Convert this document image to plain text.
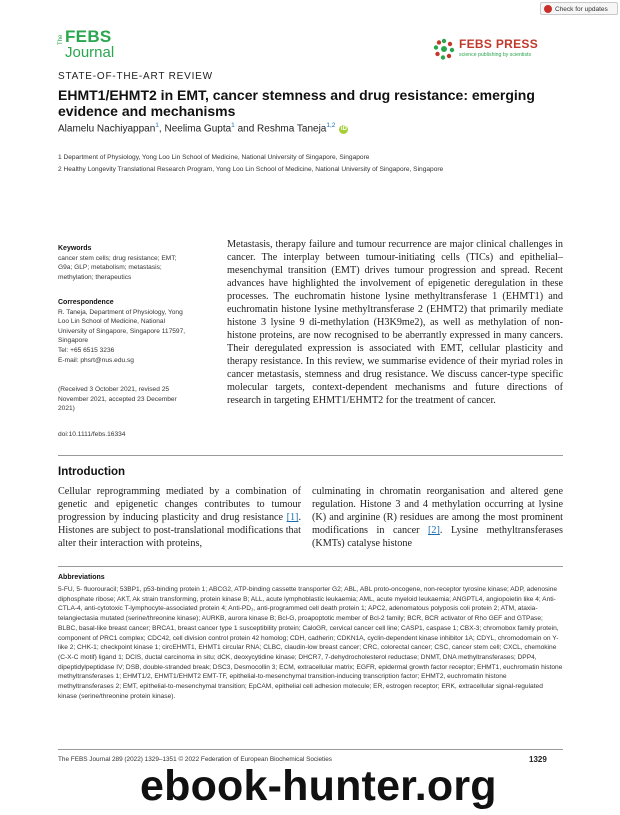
Check for updates
The FEBS
Journal	FEBS PRESS
science publishing by scientists
STATE-OF-THE-ART REVIEW
EHMT1/EHMT2 in EMT, cancer stemness and drug resistance: emerging evidence and mechanisms
Alamelu Nachiyappan$^1$, Neelima Gupta$^1$ and Reshma Taneja$^{1,2}$iD
1 Department of Physiology, Yong Loo Lin School of Medicine, National University of Singapore, Singapore
2 Healthy Longevity Translational Research Program, Yong Loo Lin School of Medicine, National University of Singapore, Singapore
Keywords
cancer stem cells; drug resistance; EMT;
G9a; GLP; metabolism; metastasis;
methylation; therapeutics
Correspondence
R. Taneja, Department of Physiology, Yong
Loo Lin School of Medicine, National
University of Singapore, Singapore 117597,
Singapore
Tel: +65 6515 3236
E-mail: phsrt@nus.edu.sg
(Received 3 October 2021, revised 25
November 2021, accepted 23 December
2021)
doi:10.1111/febs.16334
Metastasis, therapy failure and tumour recurrence are major clinical challenges in cancer. The interplay between tumour-initiating cells (TICs) and epithelial–mesenchymal transition (EMT) drives tumour progression and spread. Recent advances have highlighted the involvement of epigenetic deregulation in these processes. The euchromatin histone lysine methyltransferase 1 (EHMT1) and euchromatin histone lysine methyltransferase 2 (EHMT2) that primarily mediate histone 3 lysine 9 di-methylation (H3K9me2), as well as methylation of non-histone proteins, are now recognised to be aberrantly expressed in many cancers. Their deregulated expression is associated with EMT, cellular plasticity and therapy resistance. In this review, we summarise evidence of their myriad roles in cancer metastasis, stemness and drug resistance. We discuss cancer-type specific molecular targets, context-dependent mechanisms and future directions of research in targeting EHMT1/EHMT2 for the treatment of cancer.
Introduction
Cellular reprogramming mediated by a combination of genetic and epigenetic changes contributes to tumour progression by inducing plasticity and drug resistance [1]. Histones are subject to post-translational modifications that alter their interaction with proteins,
culminating in chromatin reorganisation and altered gene regulation. Histone 3 and 4 methylation occurring at lysine (K) and arginine (R) residues are among the most prominent modifications in cancer [2]. Lysine methyltransferases (KMTs) catalyse histone
Abbreviations
5-FU, 5- fluorouracil; 53BP1, p53-binding protein 1; ABCG2, ATP-binding cassette transporter G2; ABL, ABL proto-oncogene, non-receptor tyrosine kinase; ADP, adenosine diphosphate ribose; AKT, Ak strain transforming, protein kinase B; ALL, acute lymphoblastic leukaemia; AML, acute myeloid leukaemia; ANGPTL4, angiopoietin like 4; Anti-CTLA-4, anti-cytotoxic T-lymphocyte-associated protein 4; Anti-PD₁, anti-programmed cell death protein 1; APC2, adenomatous polyposis coli protein 2; ATM, ataxia-telangiectasia mutated (serine/threonine kinase); AURKB, aurora kinase B; Bcl-G, proapoptotic member of Bcl-2 family; BCR, BCR activator of Rho GEF and GTPase; BLBC, basal-like breast cancer; BRCA1, breast cancer type 1 susceptibility protein; CaloGR, cervical cancer cell line; CASP1, caspase 1; CBX-3; chromobox family protein, component of PRC1 complex; CDC42, cell division control protein 42 homolog; CDH, cadherin; CDKN1A, cyclin-dependent kinase inhibitor 1A; CDYL, chromodomain on Y-like 2; CHK-1; checkpoint kinase 1; circEHMT1, EHMT1 circular RNA; CLBC, claudin-low breast cancer; CRC, colorectal cancer; CSC, cancer stem cell; CXCL, chemokine (C-X-C motif) ligand 1; DCIS, ductal carcinoma in situ; dCK, deoxycytidine kinase; DHCR7, 7-dehydrocholesterol reductase; DNMT, DNA methyltransferases; DPP4, dipeptidylpeptidase IV; DSB, double-stranded break; DSC3, Desmocollin 3; ECM, extracellular matrix; EGFR, epidermal growth factor receptor; EHMT1, euchromatin histone methyltransferases 1; EHMT1/2, EHMT1/EHMT2 EMT-TF, epithelial-to-mesenchymal transition-inducing transcription factor; EHMT2, euchromatin histone methyltransferases 2; EMT, epithelial-to-mesenchymal transition; EpCAM, epithelial cell adhesion molecule; ER, estrogen receptor; ERK, extracellular signal-regulated kinase (serine/threonine protein kinase).
The FEBS Journal 289 (2022) 1329–1351 © 2022 Federation of European Biochemical Societies	1329
ebook-hunter.org
